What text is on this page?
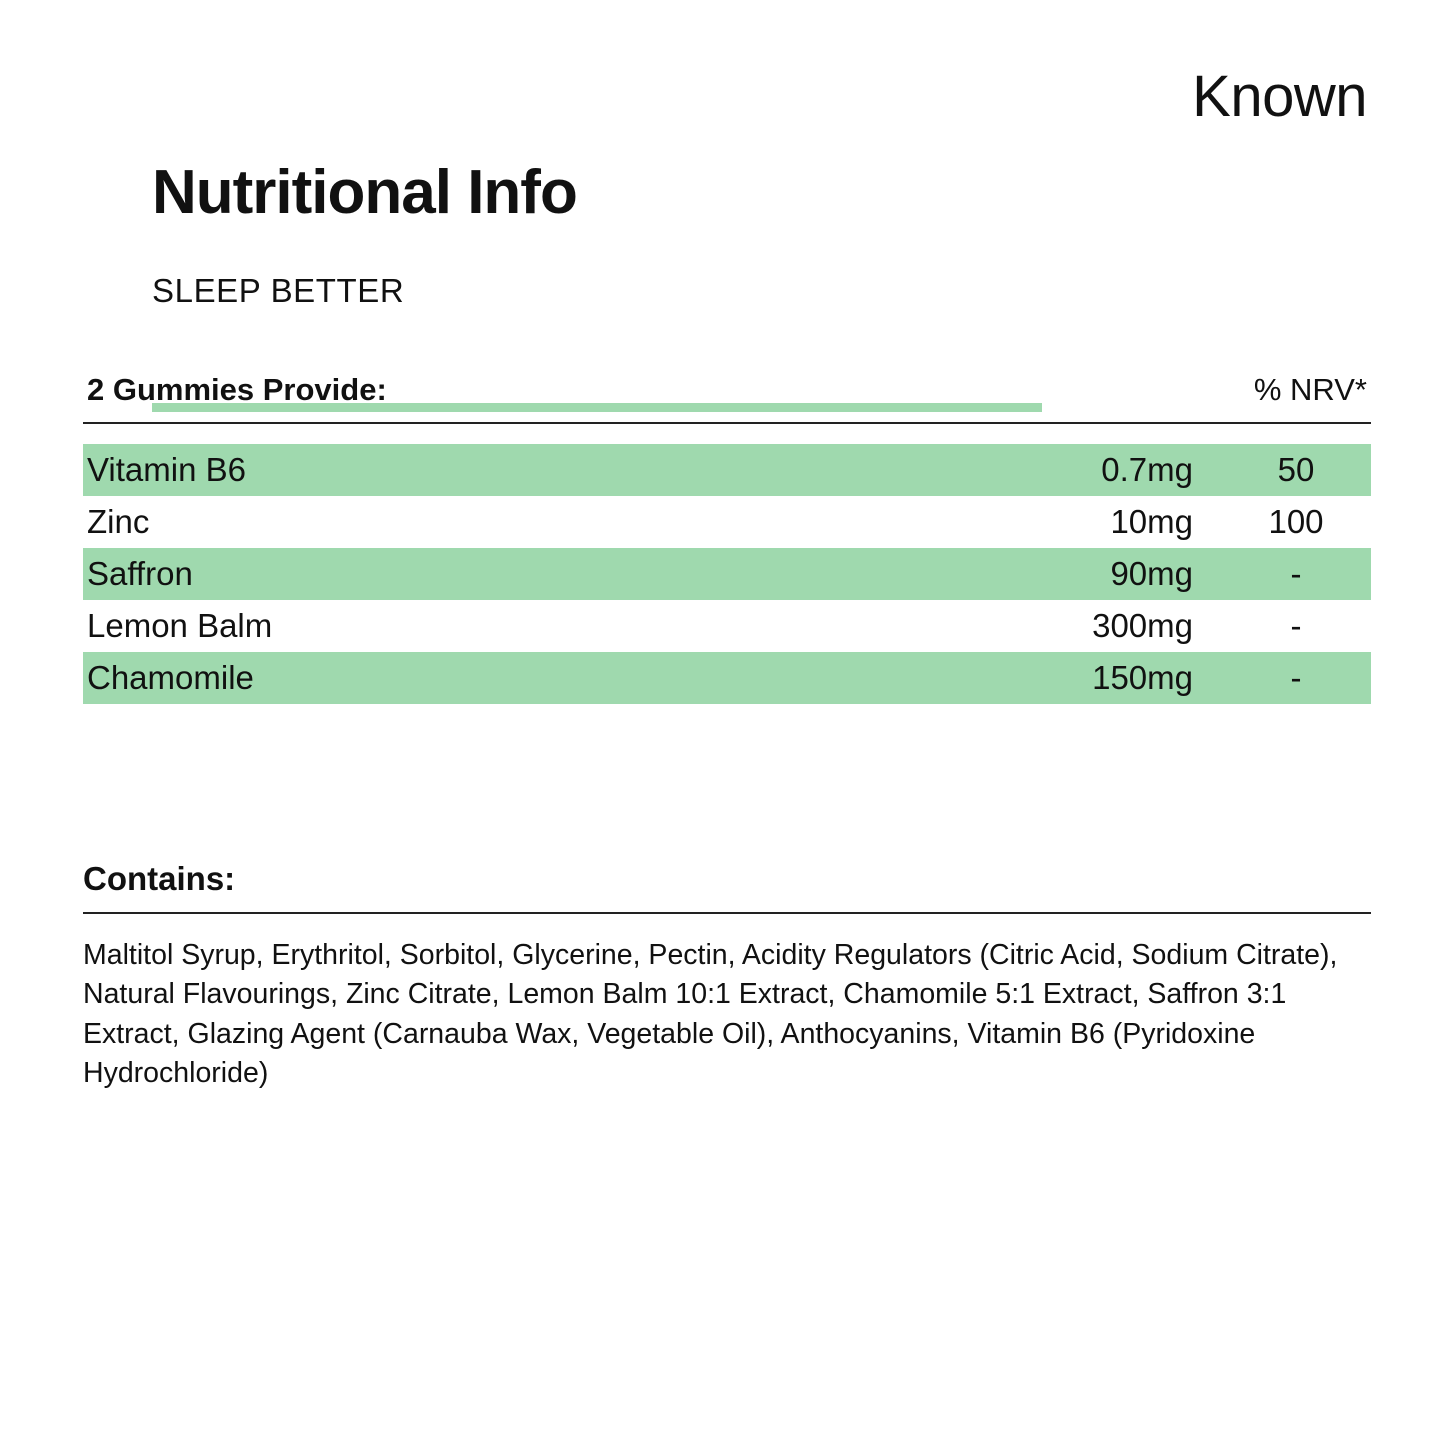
Known
Nutritional Info
SLEEP BETTER
2 Gummies Provide:	% NRV*
Vitamin B6	0.7mg	50
Zinc	10mg	100
Saffron	90mg	-
Lemon Balm	300mg	-
Chamomile	150mg	-
Contains:
Maltitol Syrup, Erythritol, Sorbitol, Glycerine, Pectin, Acidity Regulators (Citric Acid, Sodium Citrate), Natural Flavourings, Zinc Citrate, Lemon Balm 10:1 Extract, Chamomile 5:1 Extract, Saffron 3:1 Extract, Glazing Agent (Carnauba Wax, Vegetable Oil), Anthocyanins, Vitamin B6 (Pyridoxine Hydrochloride)
